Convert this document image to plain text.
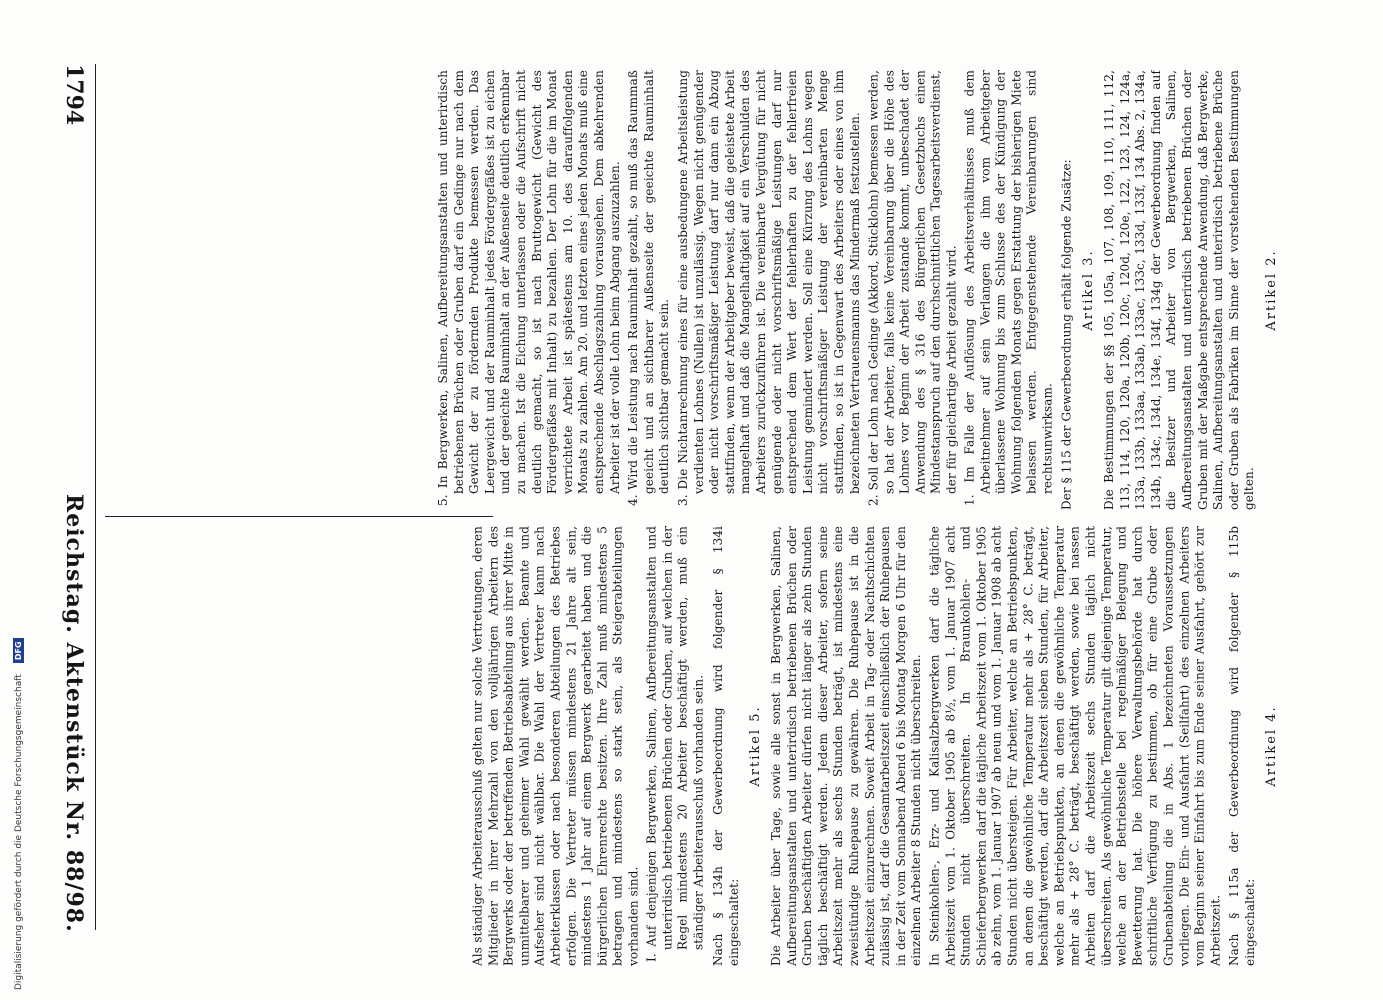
1794
Reichstag. Aktenstück Nr. 88/98.
Artikel 2.

Die Bestimmungen der §§ 105, 105a, 107, 108, 109, 110, 111, 112, 113, 114, 120, 120a, 120b, 120c, 120d, 120e, 122, 123, 124, 124a, 133a, 133b, 133aa, 133ab, 133ac, 133c, 133d, 133f, 134 Abs. 2, 134a, 134b, 134c, 134d, 134e, 134f, 134g der Gewerbeordnung finden auf die Besitzer und Arbeiter von Bergwerken, Salinen, Aufbereitungsanstalten und unterirdisch betriebenen Brüchen oder Gruben mit der Maßgabe entsprechende Anwendung, daß Bergwerke, Salinen, Aufbereitungsanstalten und unterirdisch betriebene Brüche oder Gruben als Fabriken im Sinne der vorstehenden Bestimmungen gelten.

Artikel 3.

Der § 115 der Gewerbeordnung erhält folgende Zusätze:

1. Im Falle der Auflösung des Arbeitsverhältnisses muß dem Arbeitnehmer auf sein Verlangen die ihm vom Arbeitgeber überlassene Wohnung bis zum Schlusse des der Kündigung der Wohnung folgenden Monats gegen Erstattung der bisherigen Miete belassen werden. Entgegenstehende Vereinbarungen sind rechtsunwirksam.

2. Soll der Lohn nach Gedinge (Akkord, Stücklohn) bemessen werden, so hat der Arbeiter, falls keine Vereinbarung über die Höhe des Lohnes vor Beginn der Arbeit zustande kommt, unbeschadet der Anwendung des § 316 des Bürgerlichen Gesetzbuchs einen Mindestanspruch auf den durchschnittlichen Tagesarbeitsverdienst, der für gleichartige Arbeit gezahlt wird.

3. Die Nichtanrechnung eines für eine ausbedungene Arbeitsleistung verdienten Lohnes (Nullen) ist unzulässig. Wegen nicht genügender oder nicht vorschriftsmäßiger Leistung darf nur dann ein Abzug stattfinden, wenn der Arbeitgeber beweist, daß die geleistete Arbeit mangelhaft und daß die Mangelhaftigkeit auf ein Verschulden des Arbeiters zurückzuführen ist. Die vereinbarte Vergütung für nicht genügende oder nicht vorschriftsmäßige Leistungen darf nur entsprechend dem Wert der fehlerhaften zu der fehlerfreien Leistung gemindert werden. Soll eine Kürzung des Lohns wegen nicht vorschriftsmäßiger Leistung der vereinbarten Menge stattfinden, so ist in Gegenwart des Arbeiters oder eines von ihm bezeichneten Vertrauensmanns das Mindermaß festzustellen.

4. Wird die Leistung nach Rauminhalt gezahlt, so muß das Raummaß geeicht und an sichtbarer Außenseite der geeichte Rauminhalt deutlich sichtbar gemacht sein.

5. In Bergwerken, Salinen, Aufbereitungsanstalten und unterirdisch betriebenen Brüchen oder Gruben darf ein Gedinge nur nach dem Gewicht der zu fördernden Produkte bemessen werden. Das Leergewicht und der Rauminhalt jedes Fördergefäßes ist zu eichen und der geeichte Rauminhalt an der Außenseite deutlich erkennbar zu machen. Ist die Eichung unterlassen oder die Aufschrift nicht deutlich gemacht, so ist nach Bruttogewicht (Gewicht des Fördergefäßes mit Inhalt) zu bezahlen. Der Lohn für die im Monat verrichtete Arbeit ist spätestens am 10. des darauffolgenden Monats zu zahlen. Am 20. und letzten eines jeden Monats muß eine entsprechende Abschlagszahlung vorausgehen. Dem abkehrenden Arbeiter ist der volle Lohn beim Abgang auszuzahlen.

Artikel 4.

Nach § 115a der Gewerbeordnung wird folgender § 115b eingeschaltet:

In Steinkohlen-, Erz- und Kalisalzbergwerken darf die tägliche Arbeitszeit vom 1. Oktober 1905 ab 8½, vom 1. Januar 1907 acht Stunden nicht überschreiten. In Braunkohlen- und Schieferbergwerken darf die tägliche Arbeitszeit vom 1. Oktober 1905 ab zehn, vom 1. Januar 1907 ab neun und vom 1. Januar 1908 ab acht Stunden nicht übersteigen. Für Arbeiter, welche an Betriebspunkten, an denen die gewöhnliche Temperatur mehr als + 28° C. beträgt, beschäftigt werden, darf die Arbeitszeit sieben Stunden, für Arbeiter, welche an Betriebspunkten, an denen die gewöhnliche Temperatur mehr als + 28° C. beträgt, beschäftigt werden, sowie bei nassen Arbeiten darf die Arbeitszeit sechs Stunden täglich nicht überschreiten. Als gewöhnliche Temperatur gilt diejenige Temperatur, welche an der Betriebsstelle bei regelmäßiger Belegung und Bewetterung hat. Die höhere Verwaltungsbehörde hat durch schriftliche Verfügung zu bestimmen, ob für eine Grube oder Grubenabteilung die in Abs. 1 bezeichneten Voraussetzungen vorliegen. Die Ein- und Ausfahrt (Seilfahrt) des einzelnen Arbeiters vom Beginn seiner Einfahrt bis zum Ende seiner Ausfahrt, gehört zur Arbeitszeit.

Die Arbeiter über Tage, sowie alle sonst in Bergwerken, Salinen, Aufbereitungsanstalten und unterirdisch betriebenen Brüchen oder Gruben beschäftigten Arbeiter dürfen nicht länger als zehn Stunden täglich beschäftigt werden. Jedem dieser Arbeiter, sofern seine Arbeitszeit mehr als sechs Stunden beträgt, ist mindestens eine zweistündige Ruhepause zu gewähren. Die Ruhepause ist in die Arbeitszeit einzurechnen. Soweit Arbeit in Tag- oder Nachtschichten zulässig ist, darf die Gesamtarbeitszeit einschließlich der Ruhepausen in der Zeit vom Sonnabend Abend 6 bis Montag Morgen 6 Uhr für den einzelnen Arbeiter 8 Stunden nicht überschreiten.

Artikel 5.

Nach § 134h der Gewerbeordnung wird folgender § 134i eingeschaltet:

I. Auf denjenigen Bergwerken, Salinen, Aufbereitungsanstalten und unterirdisch betriebenen Brüchen oder Gruben, auf welchen in der Regel mindestens 20 Arbeiter beschäftigt werden, muß ein ständiger Arbeiterausschuß vorhanden sein.

Als ständiger Arbeiterausschuß gelten nur solche Vertretungen, deren Mitglieder in ihrer Mehrzahl von den volljährigen Arbeitern des Bergwerks oder der betreffenden Betriebsabteilung aus ihrer Mitte in unmittelbarer und geheimer Wahl gewählt werden. Beamte und Aufseher sind nicht wählbar. Die Wahl der Vertreter kann nach Arbeiterklassen oder nach besonderen Abteilungen des Betriebes erfolgen. Die Vertreter müssen mindestens 21 Jahre alt sein, mindestens 1 Jahr auf einem Bergwerk gearbeitet haben und die bürgerlichen Ehrenrechte besitzen. Ihre Zahl muß mindestens 5 betragen und mindestens so stark sein, als Steigerabteilungen vorhanden sind.

Digitalisierung gefördert durch die Deutsche Forschungsgemeinschaft DFG
